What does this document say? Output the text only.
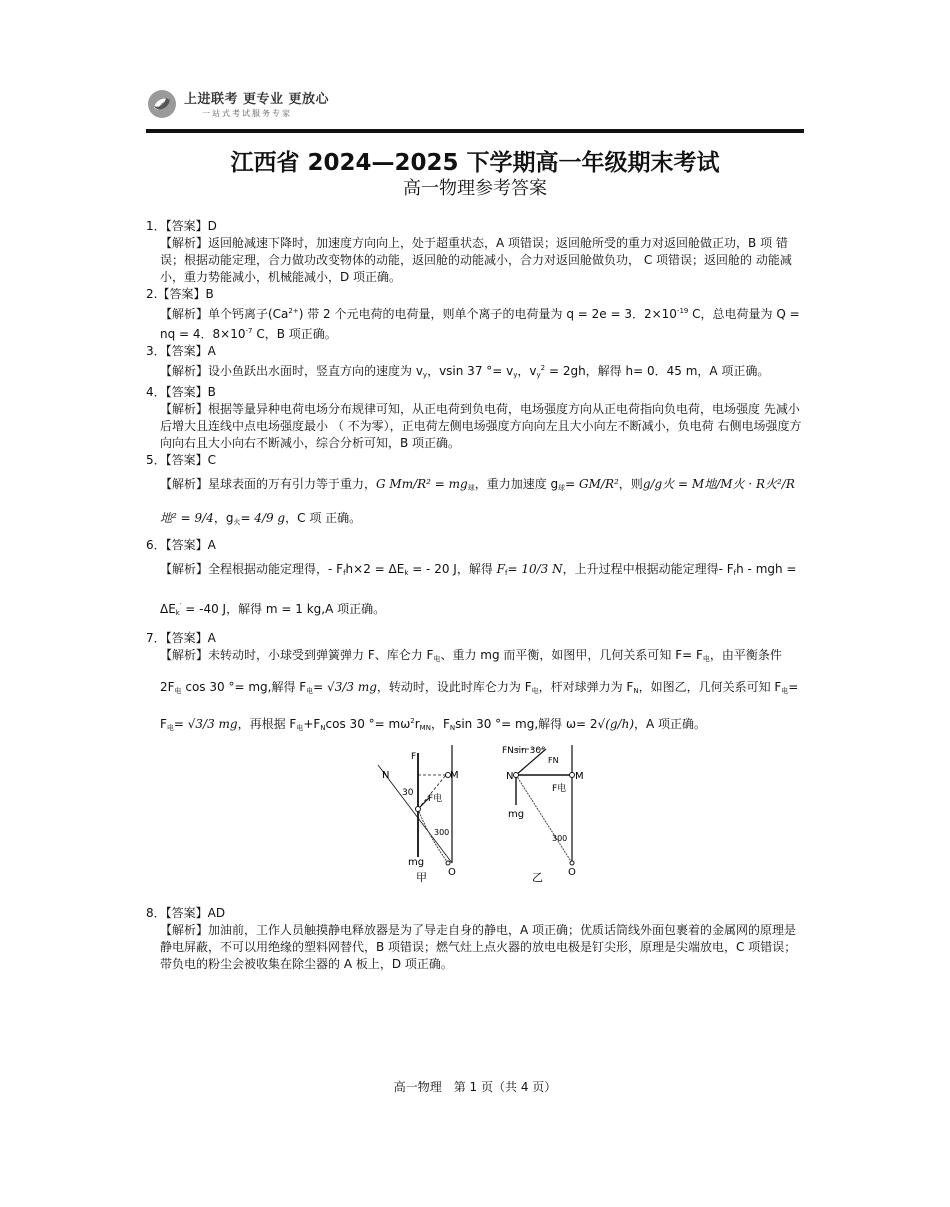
上进联考 更专业 更放心
一站式考试服务专家
江西省 2024—2025 下学期高一年级期末考试
高一物理参考答案
1．【答案】D
【解析】返回舱减速下降时，加速度方向向上，处于超重状态，A 项错误；返回舱所受的重力对返回舱做正功，B 项 错误；根据动能定理，合力做功改变物体的动能，返回舱的动能减小，合力对返回舱做负功， C 项错误；返回舱的 动能减小，重力势能减小，机械能减小，D 项正确。
2.【答案】B
【解析】单个钙离子$(Ca^{2+})$ 带 2 个元电荷的电荷量，则单个离子的电荷量为 q = 2e = 3．$2\times 10^{-19}$ C，总电荷量为 Q = nq = 4．$8\times 10^{-7}$ C，B 项正确。
3．【答案】A
【解析】设小鱼跃出水面时，竖直方向的速度为 $v_y$，vsin 37 °= $v_y$，$v_y^2 = 2gh$，解得 h= 0．45 m，A 项正确。
4．【答案】B
【解析】根据等量异种电荷电场分布规律可知，从正电荷到负电荷，电场强度方向从正电荷指向负电荷，电场强度 先减小后增大且连线中点电场强度最小 （ 不为零），正电荷左侧电场强度方向向左且大小向左不断减小，负电荷 右侧电场强度方向向右且大小向右不断减小，综合分析可知，B 项正确。
5．【答案】C
【解析】星球表面的万有引力等于重力，G $Mm/R^2 = mg_球$，重力加速度 $g_球= GM/R^2$，则g/g火 = M地/M火 · R火²/R地² = 9/4，$g_火= 4/9$ g，C 项 正确。
6．【答案】A
【解析】全程根据动能定理得，- $F_fh\times 2 = \Delta E_k$ = - 20 J，解得 $F_f= 10/3$ N，上升过程中根据动能定理得- $F_fh$ - mgh =
$\Delta E_k' = -40$ J，解得 m = 1 kg,A 项正确。
7．【答案】A
【解析】未转动时，小球受到弹簧弹力 F、库仑力 $F_电$、重力 mg 而平衡，如图甲，几何关系可知 $F= F_电$，由平衡条件
$2F_电$ cos 30 °= mg,解得 $F_电= √3/3$ mg，转动时，设此时库仑力为 $F_电$，杆对球弹力为 $F_N$，如图乙，几何关系可知 $F_电=$
$F_电= √3/3$ mg，再根据 $F_电+F_N\cos$ 30 °= $m\omega^2r_{MN}$，$F_N\sin$ 30 °= mg,解得 ω= 2√(g/h)，A 项正确。
N	M
O
F
F电
30
300
mg
甲
N	M
O
FNsin 30°
FN
F电
mg
300
乙
8．【答案】AD
【解析】加油前，工作人员触摸静电释放器是为了导走自身的静电，A 项正确；优质话筒线外面包裹着的金属网的原理是静电屏蔽，不可以用绝缘的塑料网替代，B 项错误；燃气灶上点火器的放电电极是钉尖形，原理是尖端放电，C 项错误；带负电的粉尘会被收集在除尘器的 A 板上，D 项正确。
高一物理　第 1 页（共 4 页）
